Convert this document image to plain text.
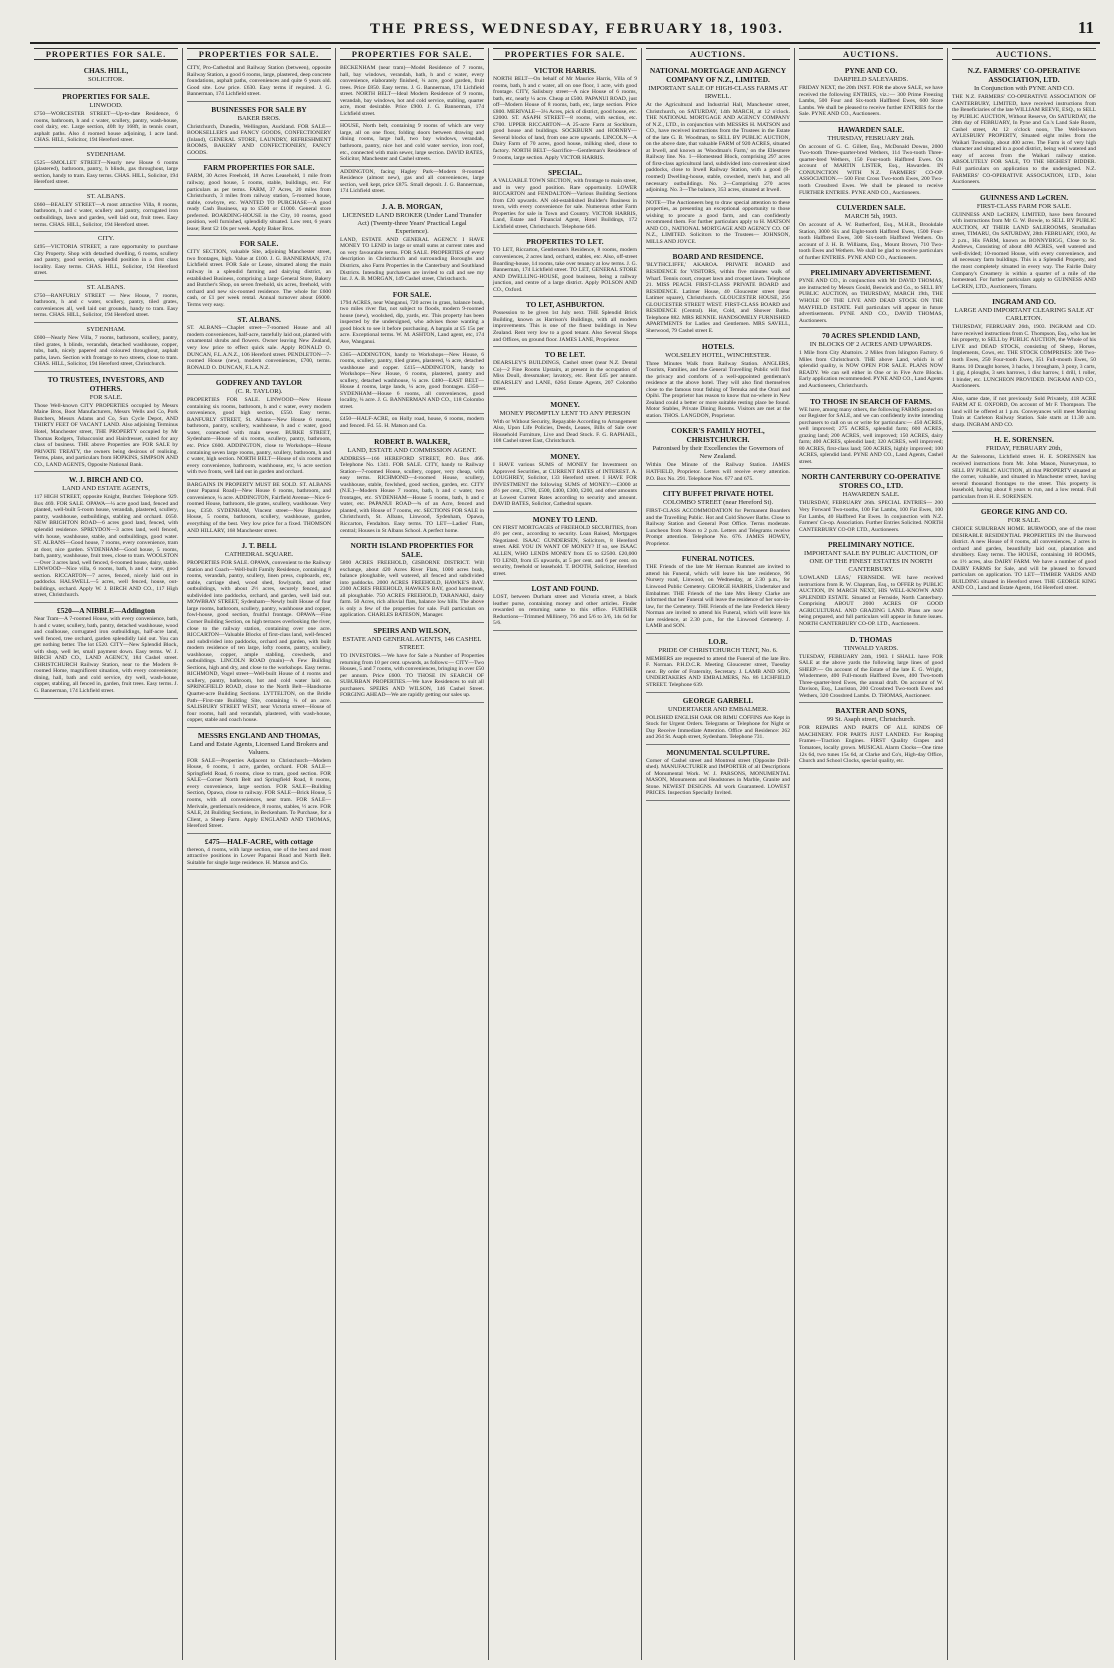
THE PRESS, WEDNESDAY, FEBRUARY 18, 1903.	11
PROPERTIES FOR SALE.
CHAS. HILL,
SOLICITOR.
PROPERTIES FOR SALE.
LINWOOD.
£750—WORCESTER STREET—Up-to-date Residence, 6 rooms, bathroom, h and c water, scullery, pantry, wash-house, cool dairy, etc. Large section, 40ft by 168ft, in tennis court, asphalt paths. Also 4 roomed house adjoining, 1 acre land. CHAS. HILL, Solicitor, 194 Hereford street.
SYDENHAM.
£525—SMOLLET STREET—Nearly new House 6 rooms (plastered), bathroom, pantry, h blinds, gas throughout, large section, handy to tram. Easy terms. CHAS. HILL, Solicitor, 194 Hereford street.
ST. ALBANS.
£660—BEALEY STREET—A most attractive Villa, 8 rooms, bathroom, h and c water, scullery and pantry, corrugated iron outbuildings, lawn and garden, well laid out, fruit trees. Easy terms. CHAS. HILL, Solicitor, 194 Hereford street.
CITY.
£495—VICTORIA STREET, a rare opportunity to purchase City Property. Shop with detached dwelling, 6 rooms, scullery and pantry, good section, splendid position in a first class locality. Easy terms. CHAS. HILL, Solicitor, 194 Hereford street.
ST. ALBANS.
£750—RANFURLY STREET — New House, 7 rooms, bathroom, h and c water, scullery, pantry, tiled grates, conveniences all, well laid out grounds, handy to tram. Easy terms. CHAS. HILL, Solicitor, 194 Hereford street.
SYDENHAM.
£600—Nearly New Villa, 7 rooms, bathroom, scullery, pantry, tiled grates, h blinds, verandah, detached washhouse, copper, tubs, bath, nicely papered and coloured throughout, asphalt paths, lawn. Section with frontage to two streets, close to tram. CHAS. HILL, Solicitor, 194 Hereford street, Christchurch.
TO TRUSTEES, INVESTORS, AND OTHERS.
FOR SALE.
Those Well-known CITY PROPERTIES occupied by Messrs Maine Bros, Boot Manufacturers, Messrs Wells and Co, Pork Butchers, Messrs Adams and Co, Sun Cycle Depot, AND THIRTY FEET OF VACANT LAND. Also adjoining Terminus Hotel, Manchester street, THE PROPERTY occupied by Mr Thomas Rodgers, Tobacconist and Hairdresser, suited for any class of business. THE above Properties are FOR SALE by PRIVATE TREATY, the owners being desirous of realising. Terms, plans, and particulars from HOPKINS, SIMPSON AND CO., LAND AGENTS, Opposite National Bank.
W. J. BIRCH AND CO.
LAND AND ESTATE AGENTS,
117 HIGH STREET, opposite Knight, Butcher. Telephone 929. Box 469. FOR SALE. OPAWA—¼ acre good land, fenced and planted, well-built 5-room house, verandah, plastered, scullery, pantry, washhouse, outbuildings, stabling and orchard. £650. NEW BRIGHTON ROAD—6 acres good land, fenced, with splendid residence. SPREYDON—3 acres land, well fenced, with house, washhouse, stable, and outbuildings, good water. ST. ALBANS—Good house, 7 rooms, every convenience, tram at door, nice garden. SYDENHAM—Good house, 5 rooms, bath, pantry, washhouse, fruit trees, close to tram. WOOLSTON—Over 3 acres land, well fenced, 6-roomed house, dairy, stable. LINWOOD—Nice villa, 6 rooms, bath, h and c water, good section. RICCARTON—7 acres, fenced, nicely laid out in paddocks. HALSWELL—5 acres, well fenced, house, out-buildings, orchard. Apply W. J. BIRCH AND CO., 117 High street, Christchurch.
£520—A NIBBLE—Addington
Near Tram—A 7-roomed House, with every convenience, bath, h and c water, scullery, bath, pantry, detached washhouse, wood and coalhouse, corrugated iron outbuildings, half-acre land, well fenced, tree orchard, garden splendidly laid out. You can get nothing better. The lot £520. CITY—New Splendid Block, with shop, well let, small payment down. Easy terms. W. J. BIRCH AND CO., LAND AGENCY, 184 Cashel street. CHRISTCHURCH Railway Station, near to the Modern 8-roomed Home, magnificent situation, with every convenience; dining, hall, bath and cold service, dry well, wash-house, copper, stabling, all fenced in, garden, fruit trees. Easy terms. J. G. Bannerman, 174 Lichfield street.
PROPERTIES FOR SALE.
CITY, Pro-Cathedral and Railway Station (between), opposite Railway Station, a good 6 rooms, large, plastered, deep concrete foundations, asphalt paths, conveniences and quite 6 years old. Good site. Low price. £630. Easy terms if required. J. G. Bannerman, 174 Lichfield street.
BUSINESSES FOR SALE BY
BAKER BROS.
Christchurch, Dunedin, Wellington, Auckland. FOR SALE— BOOKSELLER'S and FANCY GOODS, CONFECTIONERY (Inland), GENERAL STORE, LAUNDRY, REFRESHMENT ROOMS, BAKERY AND CONFECTIONERY, FANCY GOODS.
FARM PROPERTIES FOR SALE.
FARM, 30 Acres Freehold, 18 Acres Leasehold, 1 mile from railway, good house, 5 rooms, stable, buildings, etc. For particulars as per terms. FARM, 37 Acres, 20 miles from Christchurch, 3 miles from railway station, 5-roomed house, stable, cowbyre, etc. WANTED TO PURCHASE—A good ready Cash Business, up to £500 or £1000. General store preferred. BOARDING-HOUSE in the City, 10 rooms, good position, well furnished, splendidly situated. Low rent, 6 years lease; Rent £2 10s per week. Apply Baker Bros.
FOR SALE.
CITY SECTION, valuable Site, adjoining Manchester street, two frontages, high. Value at £100. J. G. BANNERMAN, 174 Lichfield street. FOR Sale or Lease, situated along the main railway in a splendid farming and dairying district, an established Business, comprising a large General Store, Bakery and Butcher's Shop, on seven freehold, six acres, freehold, with orchard and new six-roomed residence. The whole for £600 cash, or £1 per week rental. Annual turnover about £6000. Terms very easy.
ST. ALBANS.
ST. ALBANS—Chaplet street—7-roomed House and all modern conveniences, half-acre, tastefully laid out, planted with ornamental shrubs and flowers. Owner leaving New Zealand, very low price to effect quick sale. Apply RONALD O. DUNCAN, F.L.A.N.Z., 106 Hereford street. PENDLETON—7-roomed House (new), modern conveniences, £700, terms. RONALD O. DUNCAN, F.L.A.N.Z.
GODFREY AND TAYLOR
(C. R. TAYLOR).
PROPERTIES FOR SALE. LINWOOD—New House containing six rooms, bathroom, h and c water, every modern convenience, good high section, £550. Easy terms. RANFURLY STREET, St. Albans—New House 6 rooms, bathroom, pantry, scullery, washhouse, h and c water, good water, connected with main sewer. BURKE STREET, Sydenham—House of six rooms, scullery, pantry, bathroom, etc. Price £600. ADDINGTON, close to Workshops—House containing seven large rooms, pantry, scullery, bathroom, h and c water, high section. NORTH BELT—House of six rooms and every convenience, bathroom, washhouse, etc, ¼ acre section with two fronts, well laid out in garden and orchard.
BARGAINS IN PROPERTY MUST BE SOLD. ST. ALBANS (near Papanui Road)—New House 6 rooms, bathroom, and convenience, ¼ acre. ADDINGTON, Fairfield Avenue—Nice 6-roomed House, bathroom, tile grates, scullery, washhouse. Very low, £350. SYDENHAM, Vincent street—New Bungalow House, 5 rooms, bathroom, scullery, washhouse, garden, everything of the best. Very low price for a fixed. THOMSON AND HILLARY, 168 Manchester street.
J. T. BELL
CATHEDRAL SQUARE.
PROPERTIES FOR SALE. OPAWA, convenient to the Railway Station and Coach—Well-built Family Residence, containing 8 rooms, verandah, pantry, scullery, linen press, cupboards, etc, stable, carriage shed, wood shed, fowlyards, and other outbuildings, with about 2½ acres, securely fenced, and subdivided into paddocks, orchard, and garden, well laid out. MOWBRAY STREET, Sydenham—Newly built House of four large rooms, bathroom, scullery, pantry, washhouse and copper, fowl-house, good section, fruitful frontage. OPAWA—Fine Corner Building Section, on high terraces overlooking the river, close to the railway station, containing over one acre. RICCARTON—Valuable Blocks of first-class land, well-fenced and subdivided into paddocks, orchard and garden, with built modern residence of ten large, lofty rooms, pantry, scullery, washhouse, copper, ample stabling, cowsheds, and outbuildings. LINCOLN ROAD (main)—A Few Building Sections, high and dry, and close to the workshops. Easy terms. RICHMOND, Vogel street—Well-built House of 4 rooms and scullery, pantry, bathroom, hot and cold water laid on. SPRINGFIELD ROAD, close to the North Belt—Handsome Quarter-acre Building Sections. LYTTELTON, on the Bridle Path—First-rate Building Site, containing ¼ of an acre. SALISBURY STREET WEST, near Victoria street—House of four rooms, hall and verandah, plastered, with wash-house, copper, stable and coach house.
MESSRS ENGLAND AND THOMAS,
Land and Estate Agents, Licensed Land Brokers and Valuers.
FOR SALE—Properties Adjacent to Christchurch—Modern House, 6 rooms, 1 acre, garden, orchard. FOR SALE—Springfield Road, 6 rooms, close to tram, good section. FOR SALE—Corner North Belt and Springfield Road, 8 rooms, every convenience, large section. FOR SALE—Building Section, Opawa, close to railway. FOR SALE—Brick House, 5 rooms, with all conveniences, near tram. FOR SALE—Merivale, gentleman's residence, 8 rooms, stables, ½ acre. FOR SALE, 24 Building Sections, in Beckenham. To Purchase, for a Client, a Sheep Farm. Apply ENGLAND AND THOMAS, Hereford Street.
£475—HALF-ACRE, with cottage
thereon, 4 rooms, with large section, one of the best and most attractive positions in Lower Papanui Road and North Belt. Suitable for single large residence. H. Matson and Co.
PROPERTIES FOR SALE.
BECKENHAM (near tram)—Model Residence of 7 rooms, hall, bay windows, verandah, bath, h and c water, every convenience, elaborately finished, ¼ acre, good garden, fruit trees. Price £850. Easy terms. J. G. Bannerman, 174 Lichfield street. NORTH BELT—Ideal Modern Residence of 9 rooms, verandah, bay windows, hot and cold service, stabling, quarter acre, most desirable. Price £900. J. G. Bannerman, 174 Lichfield street.
HOUSE, North belt, containing 9 rooms of which are very large, all on one floor, folding doors between drawing and dining rooms, large hall, two bay windows, verandah, bathroom, pantry, nice hot and cold water service, iron roof, etc., connected with main sewer, large section. DAVID BATES, Solicitor, Manchester and Cashel streets.
ADDINGTON, facing Hagley Park—Modern 8-roomed Residence (almost new), gas and all conveniences, large section, well kept, price £875. Small deposit. J. G. Bannerman, 174 Lichfield street.
J. A. B. MORGAN,
LICENSED LAND BROKER (Under Land Transfer Act) (Twenty-three Years' Practical Legal Experience).
LAND, ESTATE AND GENERAL AGENCY. I HAVE MONEY TO LEND in large or small sums at current rates and on very favourable terms. FOR SALE. PROPERTIES of every description in Christchurch and surrounding Boroughs and Districts, also Farm Properties in the Canterbury and Southland Districts. Intending purchasers are invited to call and see my list. J. A. B. MORGAN, 149 Cashel street, Christchurch.
FOR SALE.
1794 ACRES, near Wanganui, 720 acres in grass, balance bush, two miles river flat, not subject to floods, modern 9-roomed house (new), woolshed, dip, yards, etc. This property has been inspected by the undersigned, who advises those wanting a good block to see it before purchasing. A bargain at £5 15s per acre. Exceptional terms. W. M. ASHTON, Land agent, etc, 174 Ave, Wanganui.
£365—ADDINGTON, handy to Workshops—New House, 6 rooms, scullery, pantry, tiled grates, plastered, ¼ acre, detached washhouse and copper. £415—ADDINGTON, handy to Workshops—New House, 6 rooms, plastered, pantry and scullery, detached washhouse, ¼ acre. £480—EAST BELT—House 4 rooms, large lands, ¼ acre, good frontages. £350—SYDENHAM—House 6 rooms, all conveniences, good locality, ¼ acre. J. G. BANNERMAN AND CO., 118 Colombo street.
£450—HALF-ACRE, on Holly road, house, 6 rooms, modern and fenced. Fd. 55. H. Matson and Co.
ROBERT B. WALKER,
LAND, ESTATE AND COMMISSION AGENT.
ADDRESS—166 HEREFORD STREET, P.O. Box 466. Telephone No. 1341. FOR SALE. CITY, handy to Railway Station—7-roomed House, scullery, copper, very cheap, with easy terms. RICHMOND—4-roomed House, scullery, washhouse, stable, fowlshed, good section, garden, etc. CITY (N.E.)—Modern House 7 rooms, bath, h and c water, two frontages, etc. SYDENHAM—House 5 rooms, bath, h and c water, etc. PAPANUI ROAD—¾ of an Acre, fenced and planted, with House of 7 rooms, etc. SECTIONS FOR SALE in Christchurch, St. Albans, Linwood, Sydenham, Opawa, Riccarton, Fendalton. Easy terms. TO LET—Ladies' Flats, central; Houses in St Albans School. A perfect home.
NORTH ISLAND PROPERTIES FOR SALE.
5800 ACRES FREEHOLD, GISBORNE DISTRICT. Will exchange, about 420 Acres River Flats, 1000 acres bush, balance ploughable, well watered, all fenced and subdivided into paddocks. 2000 ACRES FREEHOLD, HAWKE'S BAY. 2300 ACRES FREEHOLD, HAWKE'S BAY, good homestead, all ploughable. 750 ACRES FREEHOLD, TARANAKI, dairy farm. 50 Acres, rich alluvial flats, balance low hills. The above is only a few of the properties for sale. Full particulars on application. CHARLES BATESON, Manager.
SPEIRS AND WILSON,
ESTATE AND GENERAL AGENTS, 146 CASHEL STREET.
TO INVESTORS.—We have for Sale a Number of Properties returning from 10 per cent. upwards, as follows:— CITY—Two Houses, 5 and 7 rooms, with conveniences, bringing in over £50 per annum. Price £600. TO THOSE IN SEARCH OF SUBURBAN PROPERTIES.—We have Residences to suit all purchasers. SPEIRS AND WILSON, 146 Cashel Street. FORGING AHEAD—We are rapidly getting our sales up.
PROPERTIES FOR SALE.
VICTOR HARRIS.
NORTH BELT—On behalf of Mr Maurice Harris, Villa of 9 rooms, bath, h and c water, all on one floor, 1 acre, with good frontage. CITY, Salisbury street—A nice House of 6 rooms, bath, etc, nearly ¼ acre. Cheap at £500. PAPANUI ROAD, just off—Modern House of 8 rooms, bath, etc, large section. Price £800. MERIVALE—3¼ Acres, pick of district, good house, etc. £2000. ST. ASAPH STREET—8 rooms, with section, etc. £700. UPPER RICCARTON—A 25-acre Farm at Sockburn, good house and buildings. SOCKBURN and HORNBY—Several blocks of land, from one acre upwards. LINCOLN—A Dairy Farm of 70 acres, good house, milking shed, close to factory. NORTH BELT—Sacrifice—Gentleman's Residence of 9 rooms, large section. Apply VICTOR HARRIS.
SPECIAL.
A VALUABLE TOWN SECTION, with frontage to main street, and in very good position. Rare opportunity. LOWER RICCARTON and FENDALTON—Various Building Sections from £20 upwards. AN old-established Builder's Business in town, with every convenience for sale. Numerous other Farm Properties for sale in Town and Country. VICTOR HARRIS, Land, Estate and Financial Agent, Hotel Buildings, 172 Lichfield street, Christchurch. Telephone 646.
PROPERTIES TO LET.
TO LET, Riccarton, Gentleman's Residence, 8 rooms, modern conveniences, 2 acres land, orchard, stables, etc. Also, off-street Boarding-house, 14 rooms, take over tenancy at low terms. J. G. Bannerman, 174 Lichfield street. TO LET, GENERAL STORE AND DWELLING-HOUSE, good business, being a railway junction, and centre of a large district. Apply POLSON AND CO., Oxford.
TO LET, ASHBURTON.
Possession to be given 1st July next. THE Splendid Brick Building, known as Harrison's Buildings, with all modern improvements. This is one of the finest buildings in New Zealand. Rent very low to a good tenant. Also Several Shops and Offices, on ground floor. JAMES LANE, Proprietor.
TO BE LET.
DEARSLEY'S BUILDINGS, Cashel street (near N.Z. Dental Co)—2 Fine Rooms Upstairs, at present in the occupation of Miss Doull, dressmaker; lavatory, etc. Rent £45 per annum. DEARSLEY and LANE, 6264 Estate Agents, 207 Colombo street.
MONEY.
MONEY PROMPTLY LENT TO ANY PERSON
With or Without Security, Repayable According to Arrangement Also, Upon Life Policies, Deeds, Leases, Bills of Sale over Household Furniture, Live and Dead Stock. F. G. RAPHAEL, 108 Cashel street East, Christchurch.
MONEY.
I HAVE various SUMS of MONEY for Investment on Approved Securities, at CURRENT RATES of INTEREST. A. LOUGHREY, Solicitor, 133 Hereford street. I HAVE FOR INVESTMENT the following SUMS of MONEY:—£3000 at 4½ per cent., £700, £500, £400, £300, £200, and other amounts at Lowest Current Rates according to security and amount. DAVID BATES, Solicitor, Cathedral square.
MONEY TO LEND.
ON FIRST MORTGAGES of FREEHOLD SECURITIES, from 4½ per cent., according to security. Loan Raised, Mortgages Negotiated. ISAAC GUNDERSEN, Solicitors, 8 Hereford street. ARE YOU IN WANT OF MONEY? If so, see ISAAC ALLEN, WHO LENDS MONEY from £5 to £2500. £20,000 TO LEND, from £5 upwards, at 5 per cent. and 6 per cent. on security, freehold or leasehold. T. BOOTH, Solicitor, Hereford street.
LOST AND FOUND.
LOST, between Durham street and Victoria street, a black leather purse, containing money and other articles. Finder rewarded on returning same to this office. FURTHER Reductions—Trimmed Millinery, 7/6 and 5/6 to 3/6, 14s 6d for 5/6.
AUCTIONS.
NATIONAL MORTGAGE AND AGENCY COMPANY OF N.Z., LIMITED.
IMPORTANT SALE OF HIGH-CLASS FARMS AT IRWELL.
At the Agricultural and Industrial Hall, Manchester street, Christchurch, on SATURDAY, 14th MARCH, at 12 o'clock. THE NATIONAL MORTGAGE AND AGENCY COMPANY of N.Z., LTD., in conjunction with MESSRS H. MATSON and CO., have received instructions from the Trustees in the Estate of the late G. B. Woodman, to SELL BY PUBLIC AUCTION, on the above date, that valuable FARM of 920 ACRES, situated at Irwell, and known as 'Woodman's Farm,' on the Ellesmere Railway line. No. 1—Homestead Block, comprising 297 acres of first-class agricultural land, subdivided into convenient sized paddocks, close to Irwell Railway Station, with a good (8-roomed) Dwelling-house, stable, cowshed, men's hut, and all necessary outbuildings. No. 2—Comprising 270 acres adjoining. No. 3—The balance, 353 acres, situated at Irwell.
NOTE—The Auctioneers beg to draw special attention to these properties, as presenting an exceptional opportunity to those wishing to procure a good farm, and can confidently recommend them. For further particulars apply to H. MATSON AND CO., NATIONAL MORTGAGE AND AGENCY CO. OF N.Z., LIMITED. Solicitors to the Trustees— JOHNSON, MILLS AND JOYCE.
BOARD AND RESIDENCE.
'BLYTHCLIFFE,' AKAROA. PRIVATE BOARD and RESIDENCE for VISITORS, within five minutes walk of Wharf. Tennis court, croquet lawn and croquet lawn. Telephone 21. MISS PEACH. FIRST-CLASS PRIVATE BOARD and RESIDENCE. Latimer House, 40 Gloucester street (near Latimer square), Christchurch. GLOUCESTER HOUSE, 256 GLOUCESTER STREET WEST. FIRST-CLASS BOARD and RESIDENCE (Central). Hot, Cold, and Shower Baths. Telephone 882. MRS RENNIE. HANDSOMELY FURNISHED APARTMENTS for Ladies and Gentlemen. MRS SAVELL, Sherwood, 79 Cashel street E.
HOTELS.
WOLSELEY HOTEL, WINCHESTER.
Three Minutes Walk from Railway Station. ANGLERS, Tourists, Families, and the General Travelling Public will find the privacy and comforts of a well-appointed gentleman's residence at the above hotel. They will also find themselves close to the famous trout fishing of Temuka and the Orari and Opihi. The proprietor has reason to know that no-where in New Zealand could a better or more suitable resting place be found. Motor Stables, Private Dining Rooms. Visitors are met at the station. THOS. LANGDON, Proprietor.
COKER'S FAMILY HOTEL, CHRISTCHURCH.
Patronised by their Excellencies the Governors of New Zealand.
Within One Minute of the Railway Station. JAMES HATFIELD, Proprietor. Letters will receive every attention. P.O. Box No. 291. Telephone Nos. 677 and 675.
CITY BUFFET PRIVATE HOTEL
COLOMBO STREET (near Hereford St).
FIRST-CLASS ACCOMMODATION for Permanent Boarders and the Travelling Public. Hot and Cold Shower Baths. Close to Railway Station and General Post Office. Terms moderate. Luncheon from Noon to 2 p.m. Letters and Telegrams receive Prompt attention. Telephone No. 676. JAMES HOWEY, Proprietor.
FUNERAL NOTICES.
THE Friends of the late Mr Herman Rummel are invited to attend his Funeral, which will leave his late residence, 96 Nursery road, Linwood, on Wednesday, at 2.30 p.m., for Linwood Public Cemetery. GEORGE HARRIS, Undertaker and Embalmer. THE Friends of the late Mrs Henry Clarke are informed that her Funeral will leave the residence of her son-in-law, for the Cemetery. THE Friends of the late Frederick Henry Norman are invited to attend his Funeral, which will leave his late residence, at 2.30 p.m., for the Linwood Cemetery. J. LAMB and SON.
I.O.R.
PRIDE OF CHRISTCHURCH TENT, No. 6.
MEMBERS are requested to attend the Funeral of the late Bro. F. Norman. P.H.D.C.R. Meeting Gloucester street, Tuesday next. By order of Fraternity, Secretary. J. LAMB AND SON, UNDERTAKERS AND EMBALMERS, No. 86 LICHFIELD STREET. Telephone 639.
GEORGE GARBELL
UNDERTAKER AND EMBALMER.
POLISHED ENGLISH OAK OR RIMU COFFINS Are Kept in Stock for Urgent Orders. Telegrams or Telephone for Night or Day Receive Immediate Attention. Office and Residence: 262 and 264 St. Asaph street, Sydenham. Telephone 731.
MONUMENTAL SCULPTURE.
Corner of Cashel street and Montreal street (Opposite Drill-shed). MANUFACTURER and IMPORTER of all Descriptions of Monumental Work. W. J. PARSONS, MONUMENTAL MASON, Monuments and Headstones in Marble, Granite and Stone. NEWEST DESIGNS. All work Guaranteed. LOWEST PRICES. Inspection Specially Invited.
AUCTIONS.
PYNE AND CO.
DARFIELD SALEYARDS.
FRIDAY NEXT, the 20th INST. FOR the above SALE, we have received the following ENTRIES, viz.:— 300 Prime Freezing Lambs, 500 Four and Six-tooth Halfbred Ewes, 600 Store Lambs. We shall be pleased to receive further ENTRIES for the Sale. PYNE AND CO., Auctioneers.
HAWARDEN SALE.
THURSDAY, FEBRUARY 26th.
On account of G. C. Gillett, Esq., McDonald Downs, 2000 Two-tooth Three-quarter-bred Wethers, 114 Two-tooth Three-quarter-bred Wethers, 150 Four-tooth Halfbred Ewes. On account of MARTIN LISTER, Esq., Hawarden. IN CONJUNCTION WITH N.Z. FARMERS' CO-OP. ASSOCIATION.— 500 First Cross Two-tooth Ewes, 200 Two-tooth Crossbred Ewes. We shall be pleased to receive FURTHER ENTRIES. PYNE AND CO., Auctioneers.
CULVERDEN SALE.
MARCH 5th, 1903.
On account of A. W. Rutherford, Esq., M.H.R., Brookdale Station, 3000 Six and Eight-tooth Halfbred Ewes, 1500 Four-tooth Halfbred Ewes, 300 Six-tooth Halfbred Wethers. On account of J. H. B. Williams, Esq., Mount Brown, 710 Two-tooth Ewes and Wethers. We shall be glad to receive particulars of further ENTRIES. PYNE AND CO., Auctioneers.
PRELIMINARY ADVERTISEMENT.
PYNE AND CO., in conjunction with Mr DAVID THOMAS, are instructed by Messrs Gould, Beswick and Co., to SELL BY PUBLIC AUCTION, on THURSDAY, MARCH 19th, THE WHOLE OF THE LIVE AND DEAD STOCK ON THE MAYFIELD ESTATE. Full particulars will appear in future advertisements. PYNE AND CO., DAVID THOMAS, Auctioneers.
70 ACRES SPLENDID LAND,
IN BLOCKS OF 2 ACRES AND UPWARDS.
1 Mile from City Abattoirs. 2 Miles from Islington Factory. 6 Miles from Christchurch. THE above Land, which is of splendid quality, is NOW OPEN FOR SALE. PLANS NOW READY. We can sell either in One or in Five Acre Blocks. Early application recommended. PYNE AND CO., Land Agents and Auctioneers, Christchurch.
TO THOSE IN SEARCH OF FARMS.
WE have, among many others, the following FARMS posted on our Register for SALE, and we can confidently invite intending purchasers to call on us or write for particulars:— 450 ACRES, well improved; 275 ACRES, splendid farm; 600 ACRES, grazing land; 200 ACRES, well improved; 150 ACRES, dairy farm; 400 ACRES, splendid land; 320 ACRES, well improved; 80 ACRES, first-class land; 500 ACRES, highly improved; 100 ACRES, splendid land. PYNE AND CO., Land Agents, Cashel street.
NORTH CANTERBURY CO-OPERATIVE STORES CO., LTD.
HAWARDEN SALE.
THURSDAY, FEBRUARY 26th. SPECIAL ENTRIES— 200 Very Forward Two-tooths, 100 Fat Lambs, 100 Fat Ewes, 100 Fat Lambs, 40 Halfbred Fat Ewes. In conjunction with N.Z. Farmers' Co-op. Association. Further Entries Solicited. NORTH CANTERBURY CO-OP. LTD., Auctioneers.
PRELIMINARY NOTICE.
IMPORTANT SALE BY PUBLIC AUCTION, OF ONE OF THE FINEST ESTATES IN NORTH CANTERBURY.
'LOWLAND LEAS,' FERNSIDE. WE have received instructions from R. W. Chapman, Esq., to OFFER by PUBLIC AUCTION, IN MARCH NEXT, HIS WELL-KNOWN AND SPLENDID ESTATE. Situated at Fernside, North Canterbury. Comprising ABOUT 2000 ACRES OF GOOD AGRICULTURAL AND GRAZING LAND. Plans are now being prepared, and full particulars will appear in future issues. NORTH CANTERBURY CO-OP. LTD., Auctioneers.
D. THOMAS
TINWALD YARDS.
TUESDAY, FEBRUARY 24th, 1903. I SHALL have FOR SALE at the above yards the following large lines of good SHEEP:— On account of the Estate of the late E. G. Wright, Windermere, 400 Full-mouth Halfbred Ewes, 400 Two-tooth Three-quarter-bred Ewes, the annual draft. On account of W. Davison, Esq., Lauriston, 200 Crossbred Two-tooth Ewes and Wethers, 320 Crossbred Lambs. D. THOMAS, Auctioneer.
BAXTER AND SONS,
99 St. Asaph street, Christchurch.
FOR REPAIRS AND PARTS OF ALL KINDS OF MACHINERY. FOR PARTS JUST LANDED. For Reaping Frames—Traction Engines. FIRST Quality Grapes and Tomatoes, locally grown. MUSICAL Alarm Clocks—One time 12s 6d, two tunes 15s 6d, at Clarke and Co's, High-day Office, Church and School Clocks, special quality, etc.
AUCTIONS.
N.Z. FARMERS' CO-OPERATIVE ASSOCIATION, LTD.
In Conjunction with PYNE AND CO.
THE N.Z. FARMERS' CO-OPERATIVE ASSOCIATION OF CANTERBURY, LIMITED, have received instructions from the Beneficiaries of the late WILLIAM REEVE, ESQ., to SELL by PUBLIC AUCTION, Without Reserve, On SATURDAY, the 28th day of FEBRUARY, In Pyne and Co.'s Land Sale Room, Cashel street, At 12 o'clock noon, The Well-known AYLESBURY PROPERTY, Situated eight miles from the Waikari Township, about 400 acres. The Farm is of very high character and situated in a good district, being well watered and easy of access from the Waikari railway station. ABSOLUTELY FOR SALE, TO THE HIGHEST BIDDER. Full particulars on application to the undersigned. N.Z. FARMERS' CO-OPERATIVE ASSOCIATION, LTD., Joint Auctioneers.
GUINNESS AND LeCREN.
FIRST-CLASS FARM FOR SALE.
GUINNESS AND LeCREN, LIMITED, have been favoured with instructions from Mr G. W. Bowie, to SELL BY PUBLIC AUCTION, AT THEIR LAND SALEROOMS, Strathallan street, TIMARU, On SATURDAY, 28th FEBRUARY, 1903, At 2 p.m., His FARM, known as BONNYBIGG, Close to St. Andrews, Consisting of about 480 ACRES, well watered and well-divided; 10-roomed House, with every convenience, and all necessary farm buildings. This is a Splendid Property, and the most completely situated in every way. The Fairlie Dairy Company's Creamery is within a quarter of a mile of the homestead. For further particulars apply to GUINNESS AND LeCREN, LTD., Auctioneers, Timaru.
INGRAM AND CO.
LARGE AND IMPORTANT CLEARING SALE AT CARLETON.
THURSDAY, FEBRUARY 26th, 1903. INGRAM and CO. have received instructions from C. Thompson, Esq., who has let his property, to SELL by PUBLIC AUCTION, the Whole of his LIVE and DEAD STOCK, consisting of Sheep, Horses, Implements, Cows, etc. THE STOCK COMPRISES: 300 Two-tooth Ewes, 250 Four-tooth Ewes, 351 Full-mouth Ewes, 50 Rams. 10 Draught horses, 3 hacks, 1 brougham, 3 pony, 3 carts, 1 gig, 4 ploughs, 3 sets harrows, 1 disc harrow, 1 drill, 1 roller, 1 binder, etc. LUNCHEON PROVIDED. INGRAM AND CO., Auctioneers.
Also, same date, if not previously Sold Privately, 418 ACRE FARM AT E. OXFORD, On account of Mr F. Thompson. The land will be offered at 1 p.m. Conveyances will meet Morning Train at Carleton Railway Station. Sale starts at 11.30 a.m. sharp. INGRAM AND CO.
H. E. SORENSEN.
FRIDAY, FEBRUARY 20th,
At the Salerooms, Lichfield street. H. E. SORENSEN has received instructions from Mr. John Mason, Nurseryman, to SELL BY PUBLIC AUCTION, all that PROPERTY situated at the corner, valuable, and situated in Manchester street, having several thousand frontages to the street. This property is leasehold, having about 8 years to run, and a low rental. Full particulars from H. E. SORENSEN.
GEORGE KING AND CO.
FOR SALE.
CHOICE SUBURBAN HOME. BURWOOD, one of the most DESIRABLE RESIDENTIAL PROPERTIES IN the Burwood district. A new House of 8 rooms, all conveniences, 2 acres in orchard and garden, beautifully laid out, plantation and shrubbery. Easy terms. The HOUSE, containing 10 ROOMS, on 1½ acres, also DAIRY FARM. We have a number of good DAIRY FARMS for Sale, and will be pleased to forward particulars on application. TO LET—TIMBER YARDS AND BUILDING situated in Hereford street. THE GEORGE KING AND CO., Land and Estate Agents, 164 Hereford street.
